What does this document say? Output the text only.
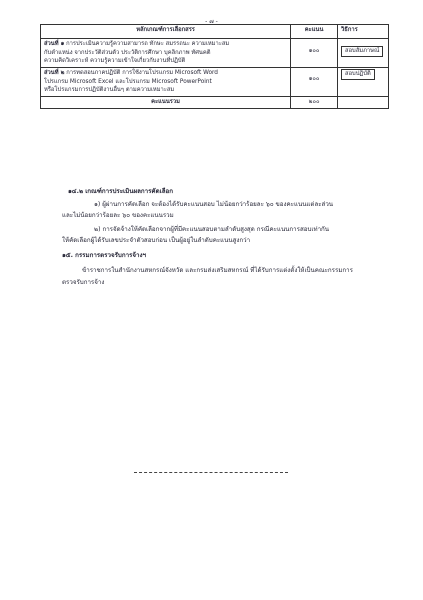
- ๗ -
หลักเกณฑ์การเลือกสรร	คะแนน	วิธีการ
ส่วนที่ ๑ การประเมินความรู้ความสามารถ ทักษะ สมรรถนะ ความเหมาะสม
กับตำแหน่ง จากประวัติส่วนตัว ประวัติการศึกษา บุคลิกภาพ ทัศนคติ
ความคิดวิเคราะห์ ความรู้ความเข้าใจเกี่ยวกับงานที่ปฏิบัติ	๑๐๐	สอบสัมภาษณ์
ส่วนที่ ๒ การทดสอบภาคปฏิบัติ การใช้งานโปรแกรม Microsoft Word
โปรแกรม Microsoft Excel และโปรแกรม Microsoft PowerPoint
หรือโปรแกรมการปฏิบัติงานอื่นๆ ตามความเหมาะสม	๑๐๐	สอบปฏิบัติ
คะแนนรวม	๒๐๐	
๑๔.๒ เกณฑ์การประเมินผลการคัดเลือก
๑) ผู้ผ่านการคัดเลือก จะต้องได้รับคะแนนสอบ ไม่น้อยกว่าร้อยละ ๖๐ ของคะแนนแต่ละส่วน
และไม่น้อยกว่าร้อยละ ๖๐ ของคะแนนรวม
๒) การจัดจ้างให้คัดเลือกจากผู้ที่มีคะแนนสอบตามลำดับสูงสุด กรณีคะแนนการสอบเท่ากัน
ให้คัดเลือกผู้ได้รับเลขประจำตัวสอบก่อน เป็นผู้อยู่ในลำดับคะแนนสูงกว่า
๑๕. กรรมการตรวจรับการจ้างฯ
ข้าราชการในสำนักงานสหกรณ์จังหวัด และกรมส่งเสริมสหกรณ์ ที่ได้รับการแต่งตั้งให้เป็นคณะกรรมการ
ตรวจรับการจ้าง
